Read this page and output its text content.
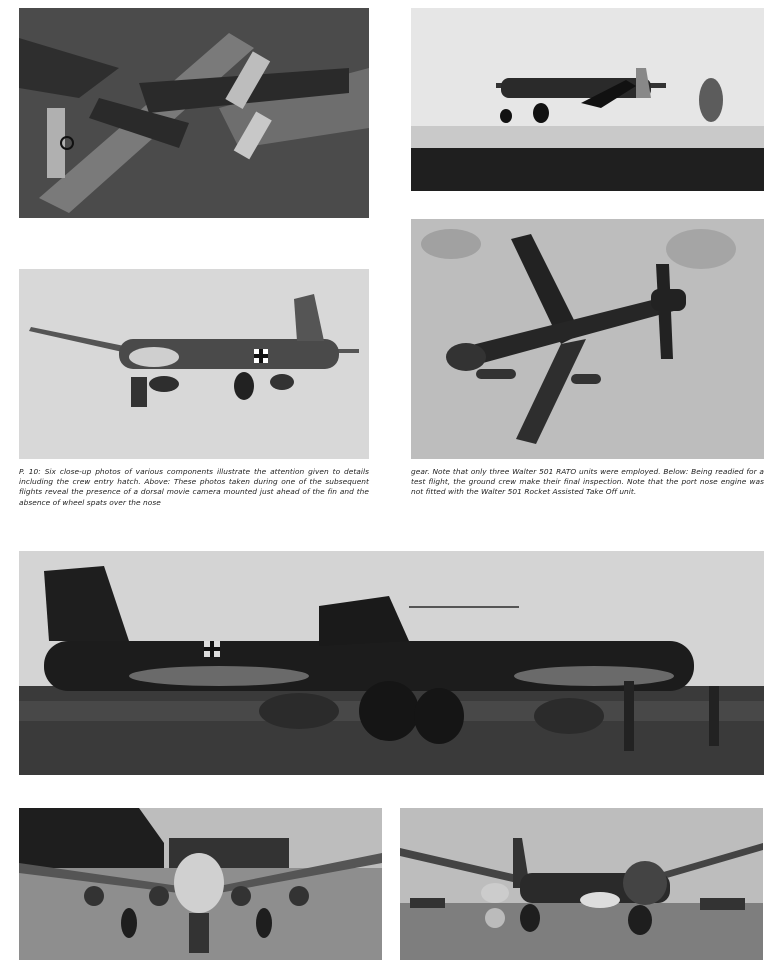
P. 10: Six close-up photos of various components illustrate the attention given to details including the crew entry hatch. Above: These photos taken during one of the subsequent flights reveal the presence of a dorsal movie camera mounted just ahead of the fin and the absence of wheel spats over the nose
gear. Note that only three Walter 501 RATO units were employed. Below: Being readied for a test flight, the ground crew make their final inspection. Note that the port nose engine was not fitted with the Walter 501 Rocket Assisted Take Off unit.
